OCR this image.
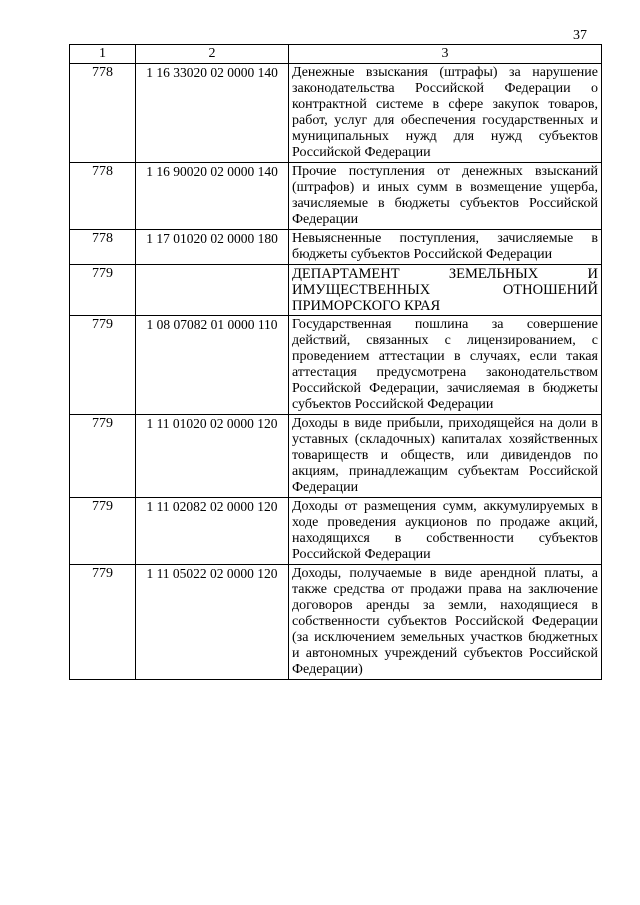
37
1	2	3
778	1 16 33020 02 0000 140	Денежные взыскания (штрафы) за нарушение законодательства Российской Федерации о контрактной системе в сфере закупок товаров, работ, услуг для обеспечения государственных и муниципальных нужд для нужд субъектов Российской Федерации
778	1 16 90020 02 0000 140	Прочие поступления от денежных взысканий (штрафов) и иных сумм в возмещение ущерба, зачисляемые в бюджеты субъектов Российской Федерации
778	1 17 01020 02 0000 180	Невыясненные поступления, зачисляемые в бюджеты субъектов Российской Федерации
779		ДЕПАРТАМЕНТ ЗЕМЕЛЬНЫХ И ИМУЩЕСТВЕННЫХ ОТНОШЕНИЙ ПРИМОРСКОГО КРАЯ
779	1 08 07082 01 0000 110	Государственная пошлина за совершение действий, связанных с лицензированием, с проведением аттестации в случаях, если такая аттестация предусмотрена законодательством Российской Федерации, зачисляемая в бюджеты субъектов Российской Федерации
779	1 11 01020 02 0000 120	Доходы в виде прибыли, приходящейся на доли в уставных (складочных) капиталах хозяйственных товариществ и обществ, или дивидендов по акциям, принадлежащим субъектам Российской Федерации
779	1 11 02082 02 0000 120	Доходы от размещения сумм, аккумулируемых в ходе проведения аукционов по продаже акций, находящихся в собственности субъектов Российской Федерации
779	1 11 05022 02 0000 120	Доходы, получаемые в виде арендной платы, а также средства от продажи права на заключение договоров аренды за земли, находящиеся в собственности субъектов Российской Федерации (за исключением земельных участков бюджетных и автономных учреждений субъектов Российской Федерации)
